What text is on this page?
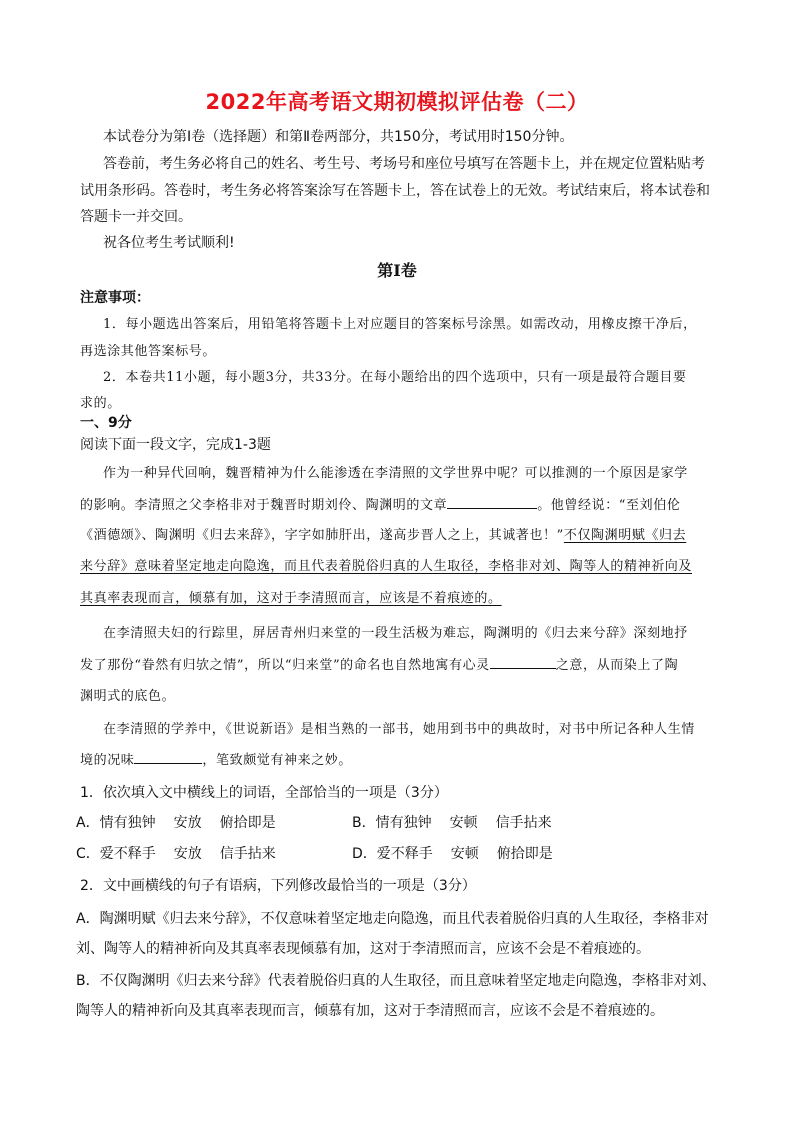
2022年高考语文期初模拟评估卷（二）
本试卷分为第Ⅰ卷（选择题）和第Ⅱ卷两部分，共150分，考试用时150分钟。
答卷前，考生务必将自己的姓名、考生号、考场号和座位号填写在答题卡上，并在规定位置粘贴考
试用条形码。答卷时，考生务必将答案涂写在答题卡上，答在试卷上的无效。考试结束后，将本试卷和
答题卡一并交回。
祝各位考生考试顺利!
第Ⅰ卷
注意事项：
1．每小题选出答案后，用铅笔将答题卡上对应题目的答案标号涂黑。如需改动，用橡皮擦干净后，
再选涂其他答案标号。
2．本卷共11小题，每小题3分，共33分。在每小题给出的四个选项中，只有一项是最符合题目要
求的。
一、9分
阅读下面一段文字，完成1-3题
作为一种异代回响，魏晋精神为什么能渗透在李清照的文学世界中呢？可以推测的一个原因是家学
的影响。李清照之父李格非对于魏晋时期刘伶、陶渊明的文章	。他曾经说：“至刘伯伦
《酒德颂》、陶渊明《归去来辞》，字字如肺肝出，遂高步晋人之上，其诚著也！”不仅陶渊明赋《归去
来兮辞》意味着坚定地走向隐逸，而且代表着脱俗归真的人生取径，李格非对刘、陶等人的精神祈向及
其真率表现而言，倾慕有加，这对于李清照而言，应该是不着痕迹的。
在李清照夫妇的行踪里，屏居青州归来堂的一段生活极为难忘，陶渊明的《归去来兮辞》深刻地抒
发了那份“眷然有归欤之情”，所以“归来堂”的命名也自然地寓有心灵	之意，从而染上了陶
渊明式的底色。
在李清照的学养中，《世说新语》是相当熟的一部书，她用到书中的典故时，对书中所记各种人生情
境的况味	，笔致颇觉有神来之妙。
1．依次填入文中横线上的词语，全部恰当的一项是（3分）
A．情有独钟 安放 俯拾即是	B．情有独钟 安顿 信手拈来
C．爱不释手 安放 信手拈来	D．爱不释手 安顿 俯拾即是
2．文中画横线的句子有语病，下列修改最恰当的一项是（3分）
A．陶渊明赋《归去来兮辞》，不仅意味着坚定地走向隐逸，而且代表着脱俗归真的人生取径，李格非对
刘、陶等人的精神祈向及其真率表现倾慕有加，这对于李清照而言，应该不会是不着痕迹的。
B．不仅陶渊明《归去来兮辞》代表着脱俗归真的人生取径，而且意味着坚定地走向隐逸，李格非对刘、
陶等人的精神祈向及其真率表现而言，倾慕有加，这对于李清照而言，应该不会是不着痕迹的。
